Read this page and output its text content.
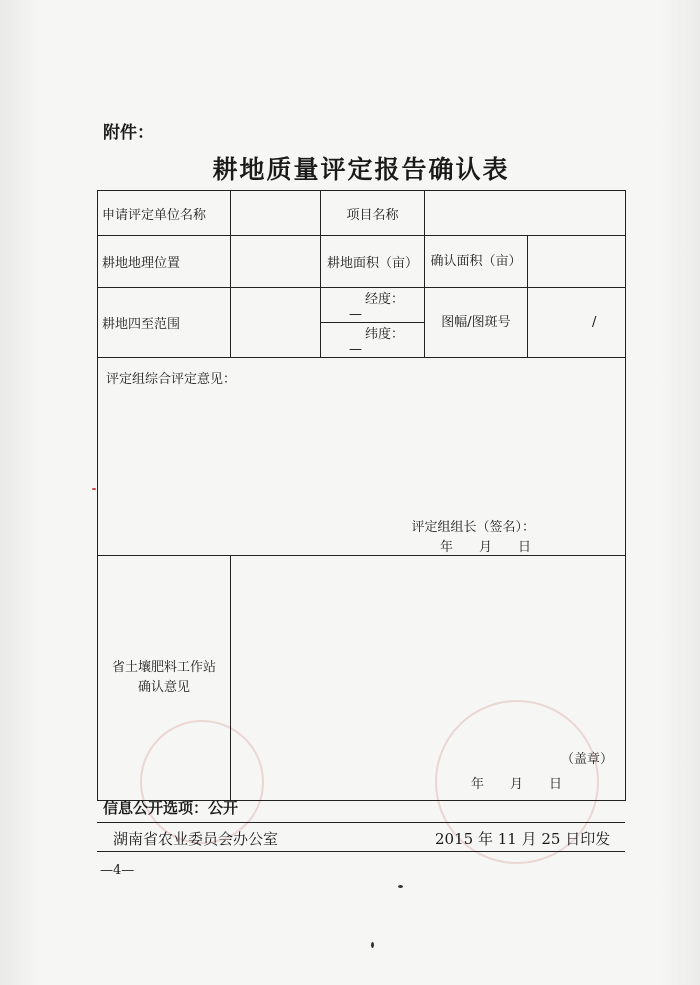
附件：
耕地质量评定报告确认表
申请评定单位名称		项目名称		
耕地地理位置		耕地面积（亩）	确认面积（亩）	
耕地四至范围		经度： —	图幅/图斑号	/
		纬度： —		

评定组综合评定意见：
评定组组长（签名）：
年　　月　　日				

省土壤肥料工作站确认意见	（盖章）
年　　月　　日			
信息公开选项：公开
湖南省农业委员会办公室	2015 年 11 月 25 日印发
—4—
